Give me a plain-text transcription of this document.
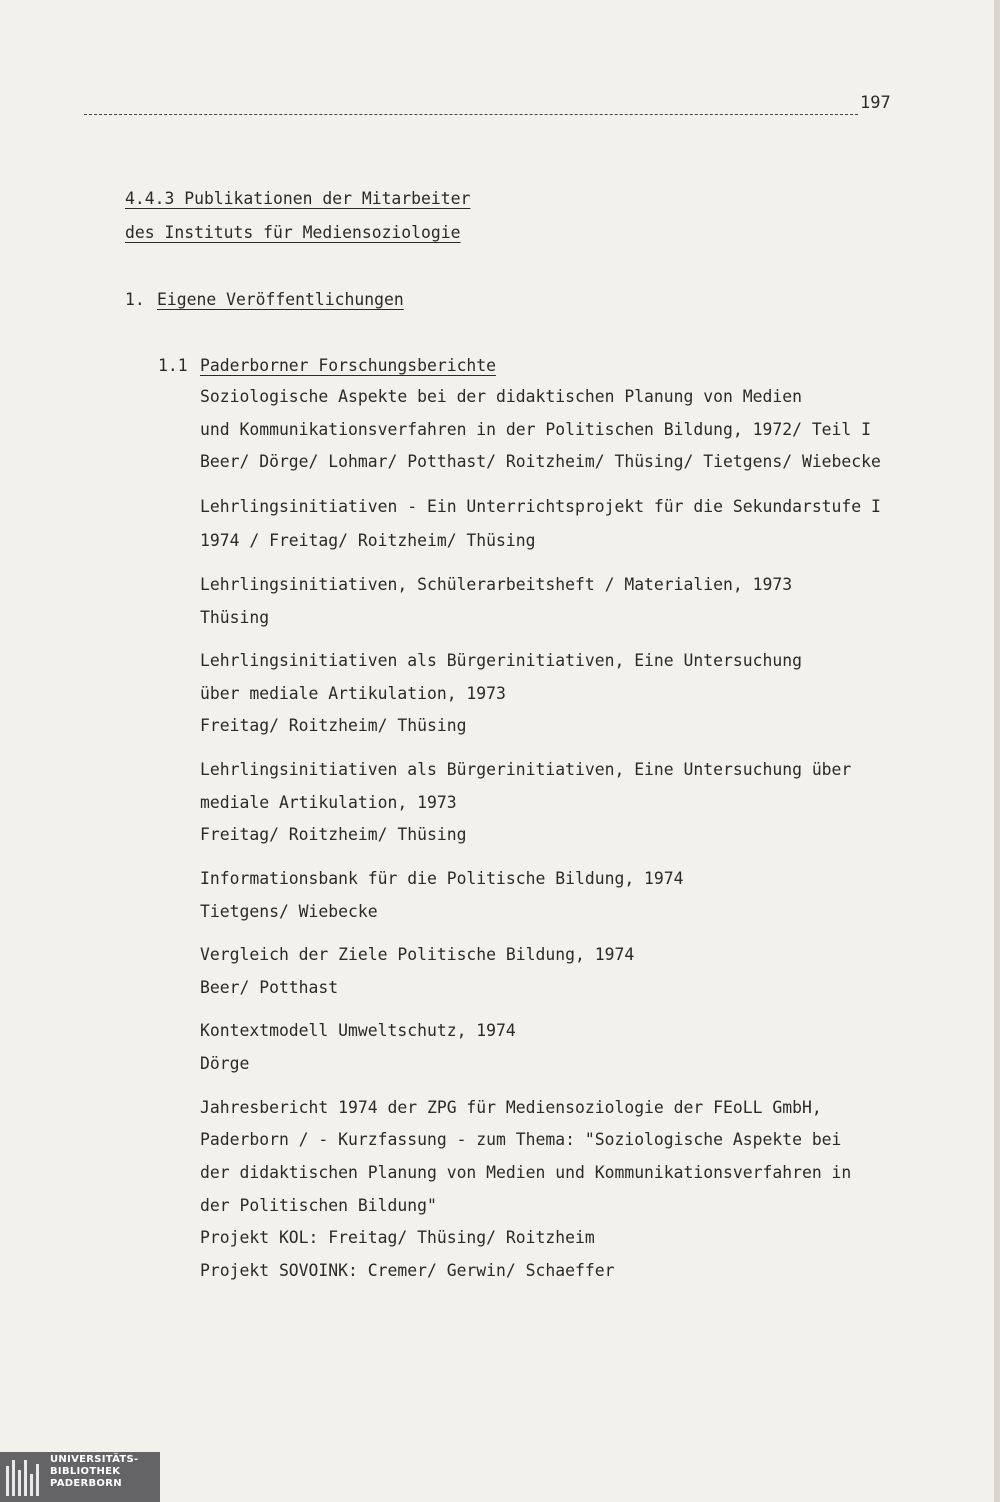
197
4.4.3 Publikationen der Mitarbeiter
des Instituts für Mediensoziologie
1. Eigene Veröffentlichungen
1.1 Paderborner Forschungsberichte
Soziologische Aspekte bei der didaktischen Planung von Medien
und Kommunikationsverfahren in der Politischen Bildung, 1972/ Teil I
Beer/ Dörge/ Lohmar/ Potthast/ Roitzheim/ Thüsing/ Tietgens/ Wiebecke
Lehrlingsinitiativen - Ein Unterrichtsprojekt für die Sekundarstufe I
1974 / Freitag/ Roitzheim/ Thüsing
Lehrlingsinitiativen, Schülerarbeitsheft / Materialien, 1973
Thüsing
Lehrlingsinitiativen als Bürgerinitiativen, Eine Untersuchung
über mediale Artikulation, 1973
Freitag/ Roitzheim/ Thüsing
Lehrlingsinitiativen als Bürgerinitiativen, Eine Untersuchung über
mediale Artikulation, 1973
Freitag/ Roitzheim/ Thüsing
Informationsbank für die Politische Bildung, 1974
Tietgens/ Wiebecke
Vergleich der Ziele Politische Bildung, 1974
Beer/ Potthast
Kontextmodell Umweltschutz, 1974
Dörge
Jahresbericht 1974 der ZPG für Mediensoziologie der FEoLL GmbH,
Paderborn / - Kurzfassung - zum Thema: "Soziologische Aspekte bei
der didaktischen Planung von Medien und Kommunikationsverfahren in
der Politischen Bildung"
Projekt KOL: Freitag/ Thüsing/ Roitzheim
Projekt SOVOINK: Cremer/ Gerwin/ Schaeffer
UNIVERSITÄTS-
BIBLIOTHEK
PADERBORN
